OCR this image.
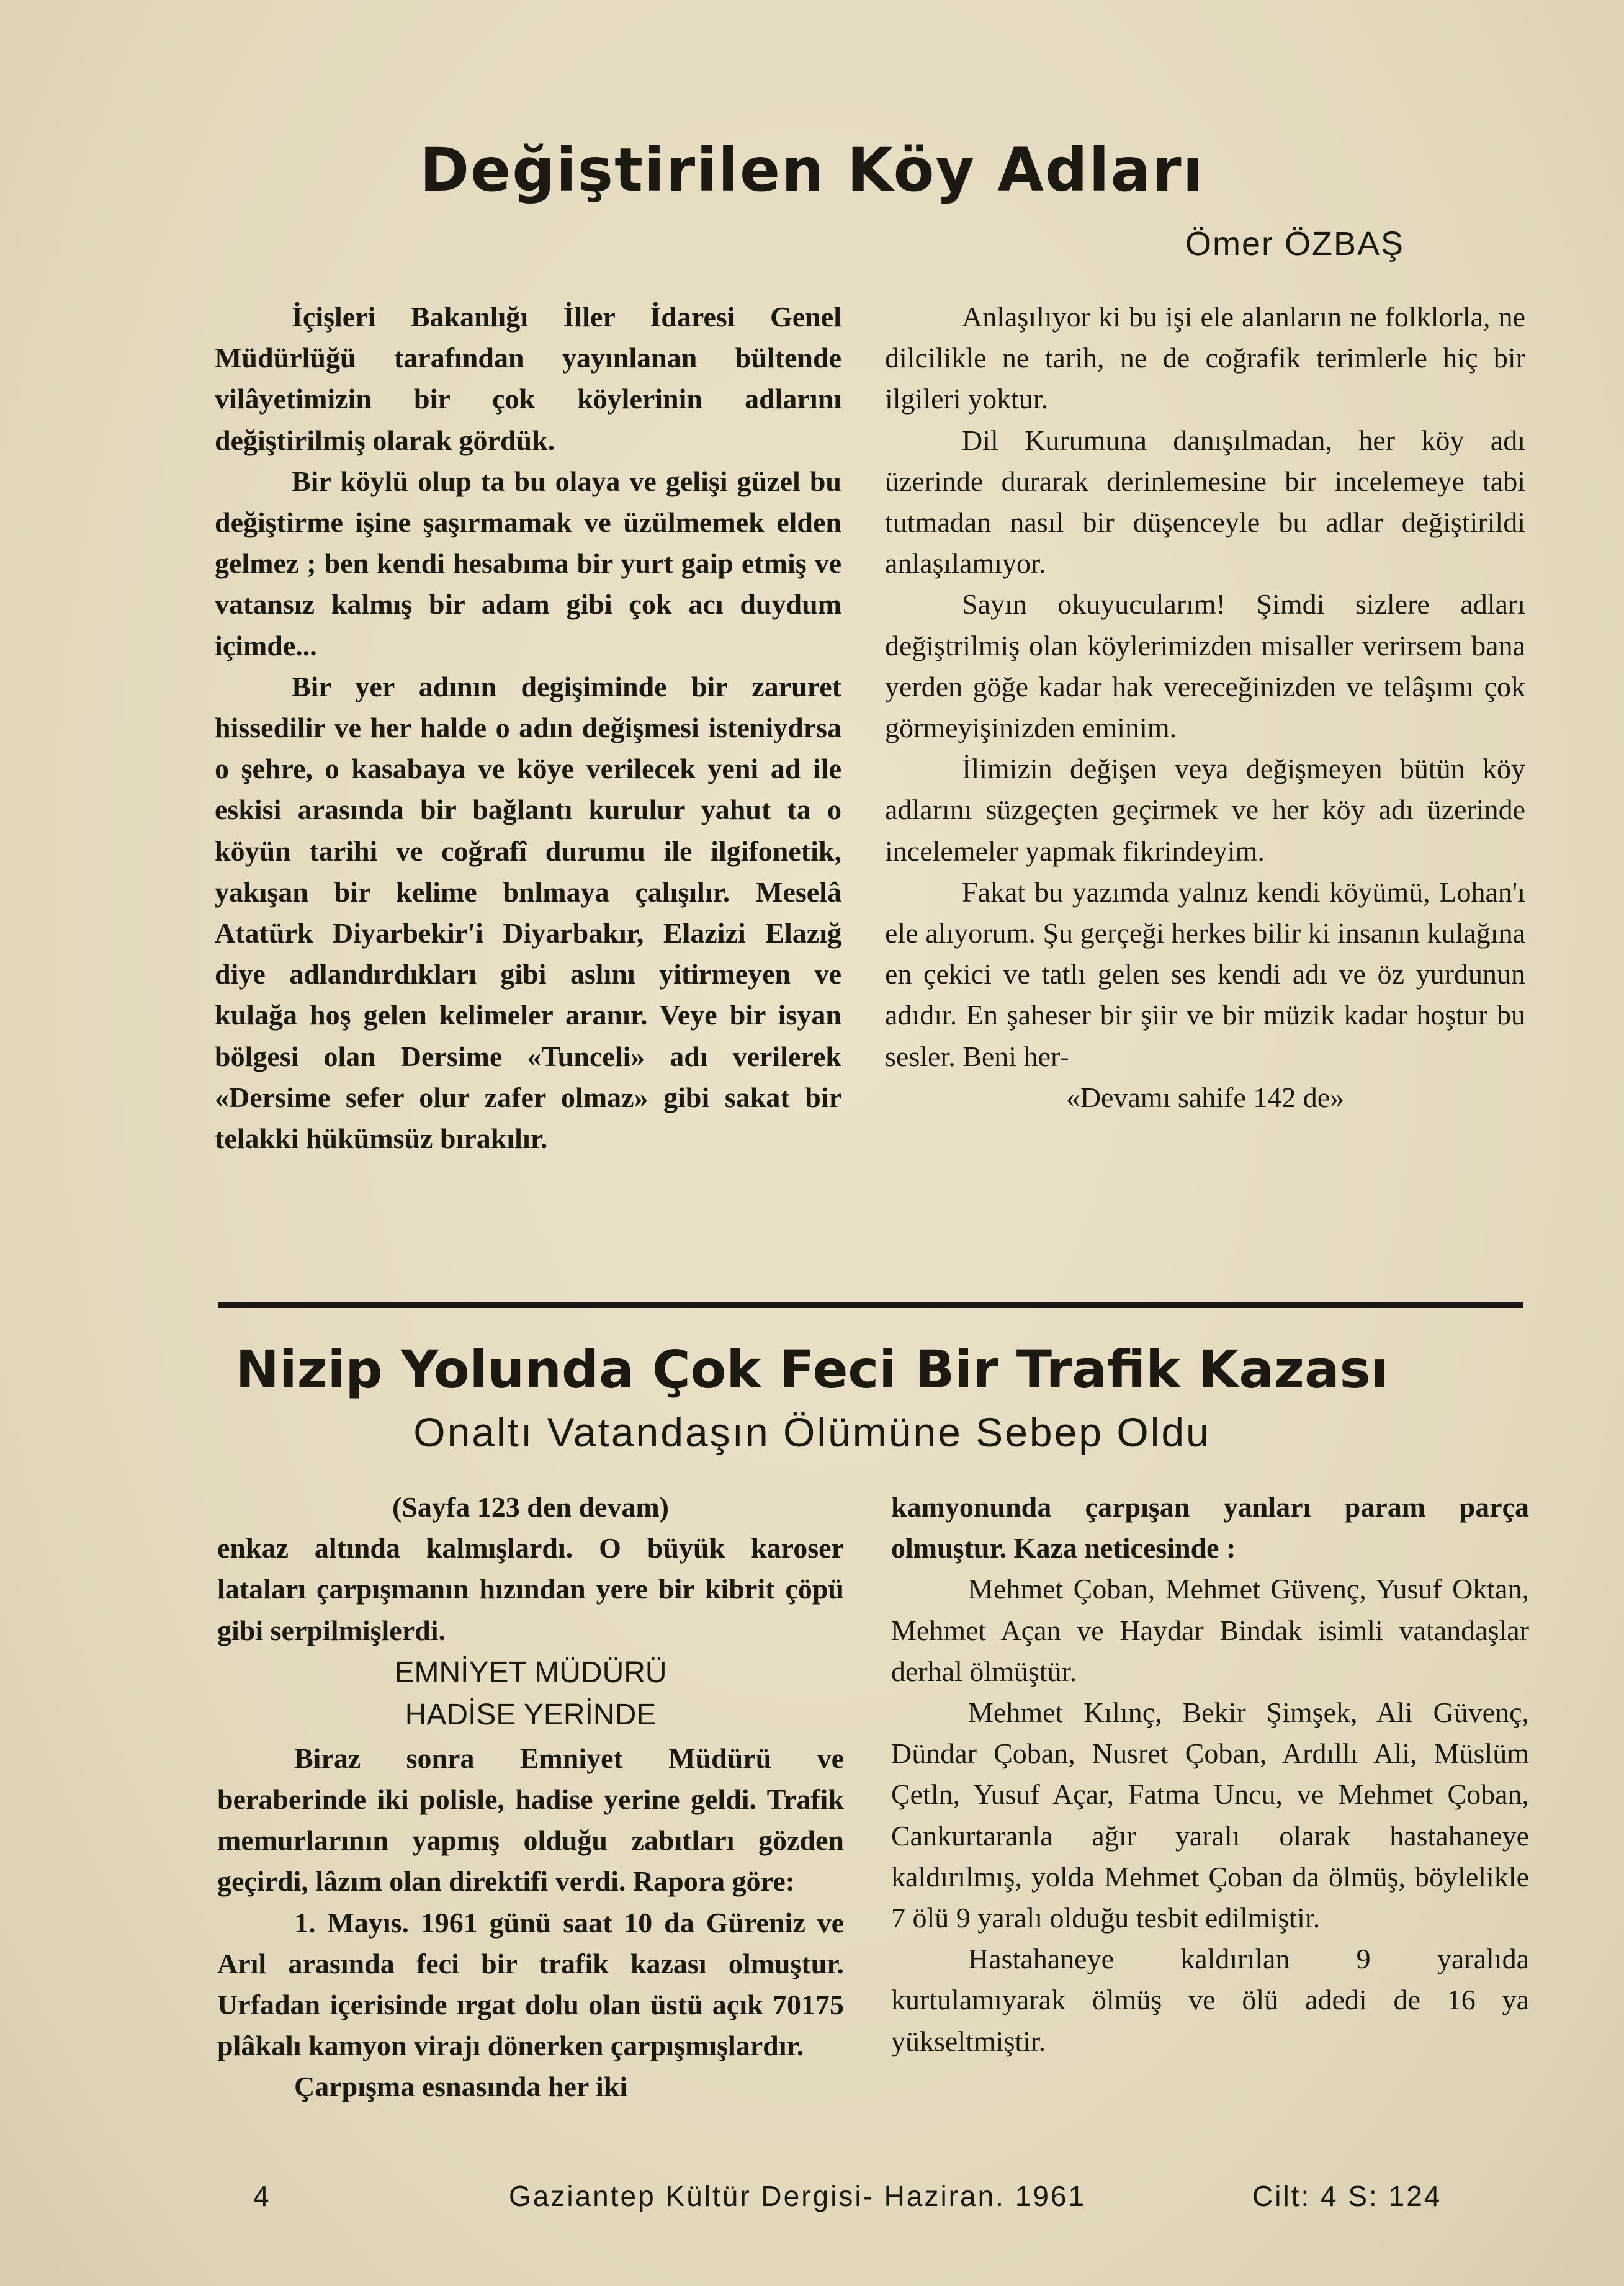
Değiştirilen Köy Adları
Ömer ÖZBAŞ

İçişleri Bakanlığı İller İdaresi Genel Müdürlüğü tarafından yayınlanan bültende vilâyetimizin bir çok köylerinin adlarını değiştirilmiş olarak gördük.

Bir köylü olup ta bu olaya ve gelişi güzel bu değiştirme işine şaşırmamak ve üzülmemek elden gelmez ; ben kendi hesabıma bir yurt gaip etmiş ve vatansız kalmış bir adam gibi çok acı duydum içimde...

Bir yer adının degişiminde bir zaruret hissedilir ve her halde o adın değişmesi isteniydrsa o şehre, o kasabaya ve köye verilecek yeni ad ile eskisi arasında bir bağlantı kurulur yahut ta o köyün tarihi ve coğrafî durumu ile ilgifonetik, yakışan bir kelime bnlmaya çalışılır. Meselâ Atatürk Diyarbekir'i Diyarbakır, Elazizi Elazığ diye adlandırdıkları gibi aslını yitirmeyen ve kulağa hoş gelen kelimeler aranır. Veye bir isyan bölgesi olan Dersime «Tunceli» adı verilerek «Dersime sefer olur zafer olmaz» gibi sakat bir telakki hükümsüz bırakılır.

Anlaşılıyor ki bu işi ele alanların ne folklorla, ne dilcilikle ne tarih, ne de coğrafik terimlerle hiç bir ilgileri yoktur.

Dil Kurumuna danışılmadan, her köy adı üzerinde durarak derinlemesine bir incelemeye tabi tutmadan nasıl bir düşenceyle bu adlar değiştirildi anlaşılamıyor.

Sayın okuyucularım! Şimdi sizlere adları değiştrilmiş olan köylerimizden misaller verirsem bana yerden göğe kadar hak vereceğinizden ve telâşımı çok görmeyişinizden eminim.

İlimizin değişen veya değişmeyen bütün köy adlarını süzgeçten geçirmek ve her köy adı üzerinde incelemeler yapmak fikrindeyim.

Fakat bu yazımda yalnız kendi köyümü, Lohan'ı ele alıyorum. Şu gerçeği herkes bilir ki insanın kulağına en çekici ve tatlı gelen ses kendi adı ve öz yurdunun adıdır. En şaheser bir şiir ve bir müzik kadar hoştur bu sesler. Beni her-

«Devamı sahife 142 de»

Nizip Yolunda Çok Feci Bir Trafik Kazası
Onaltı Vatandaşın Ölümüne Sebep Oldu

(Sayfa 123 den devam)

enkaz altında kalmışlardı. O büyük karoser lataları çarpışmanın hızından yere bir kibrit çöpü gibi serpilmişlerdi.

EMNİYET MÜDÜRÜ
HADİSE YERİNDE

Biraz sonra Emniyet Müdürü ve beraberinde iki polisle, hadise yerine geldi. Trafik memurlarının yapmış olduğu zabıtları gözden geçirdi, lâzım olan direktifi verdi. Rapora göre:

1. Mayıs. 1961 günü saat 10 da Güreniz ve Arıl arasında feci bir trafik kazası olmuştur. Urfadan içerisinde ırgat dolu olan üstü açık 70175 plâkalı kamyon virajı dönerken çarpışmışlardır.

Çarpışma esnasında her iki

kamyonunda çarpışan yanları param parça olmuştur. Kaza neticesinde :

Mehmet Çoban, Mehmet Güvenç, Yusuf Oktan, Mehmet Açan ve Haydar Bindak isimli vatandaşlar derhal ölmüştür.

Mehmet Kılınç, Bekir Şimşek, Ali Güvenç, Dündar Çoban, Nusret Çoban, Ardıllı Ali, Müslüm Çetln, Yusuf Açar, Fatma Uncu, ve Mehmet Çoban, Cankurtaranla ağır yaralı olarak hastahaneye kaldırılmış, yolda Mehmet Çoban da ölmüş, böylelikle 7 ölü 9 yaralı olduğu tesbit edilmiştir.

Hastahaneye kaldırılan 9 yaralıda kurtulamıyarak ölmüş ve ölü adedi de 16 ya yükseltmiştir.

4	Gaziantep Kültür Dergisi- Haziran. 1961	Cilt: 4 S: 124
